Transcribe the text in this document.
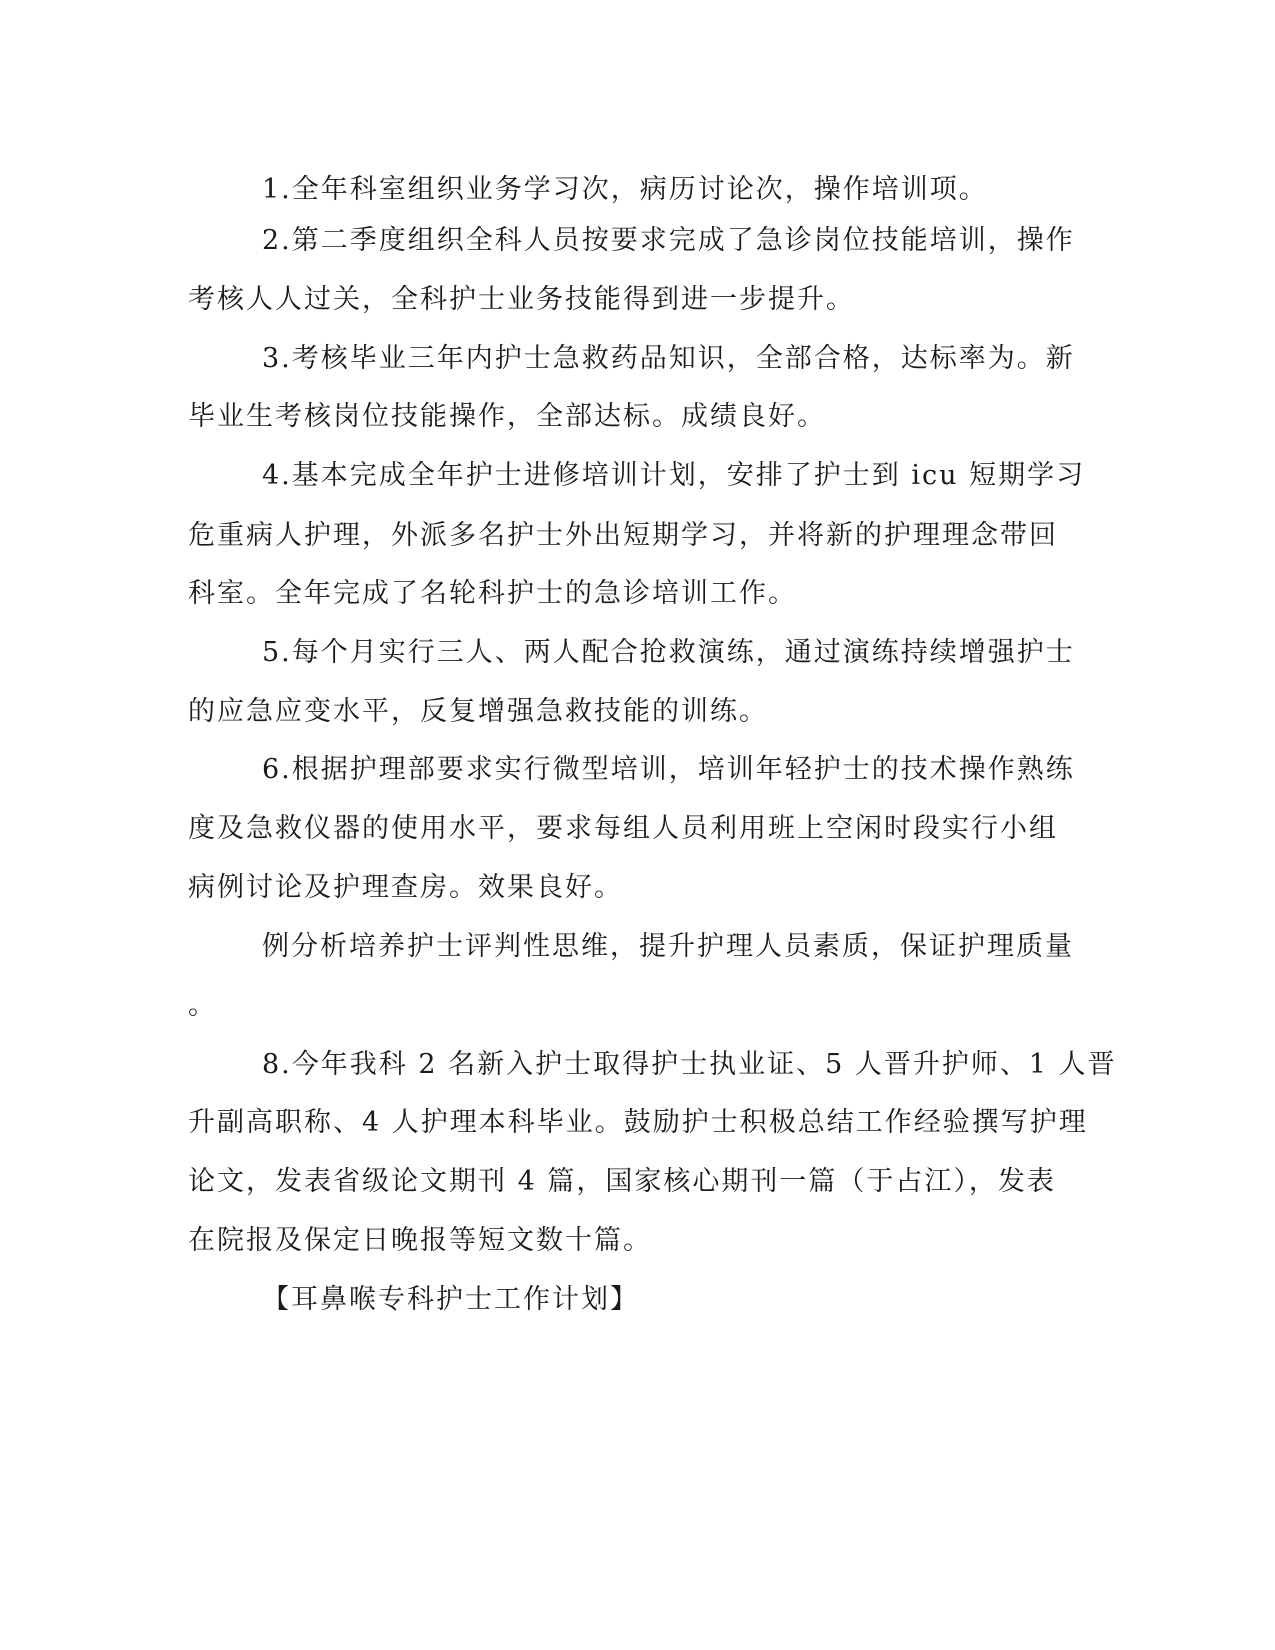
1.全年科室组织业务学习次，病历讨论次，操作培训项。
2.第二季度组织全科人员按要求完成了急诊岗位技能培训，操作
考核人人过关，全科护士业务技能得到进一步提升。
3.考核毕业三年内护士急救药品知识，全部合格，达标率为。新
毕业生考核岗位技能操作，全部达标。成绩良好。
4.基本完成全年护士进修培训计划，安排了护士到 icu 短期学习
危重病人护理，外派多名护士外出短期学习，并将新的护理理念带回
科室。全年完成了名轮科护士的急诊培训工作。
5.每个月实行三人、两人配合抢救演练，通过演练持续增强护士
的应急应变水平，反复增强急救技能的训练。
6.根据护理部要求实行微型培训，培训年轻护士的技术操作熟练
度及急救仪器的使用水平，要求每组人员利用班上空闲时段实行小组
病例讨论及护理查房。效果良好。
例分析培养护士评判性思维，提升护理人员素质，保证护理质量
。
8.今年我科 2 名新入护士取得护士执业证、5 人晋升护师、1 人晋
升副高职称、4 人护理本科毕业。鼓励护士积极总结工作经验撰写护理
论文，发表省级论文期刊 4 篇，国家核心期刊一篇（于占江），发表
在院报及保定日晚报等短文数十篇。
【耳鼻喉专科护士工作计划】
